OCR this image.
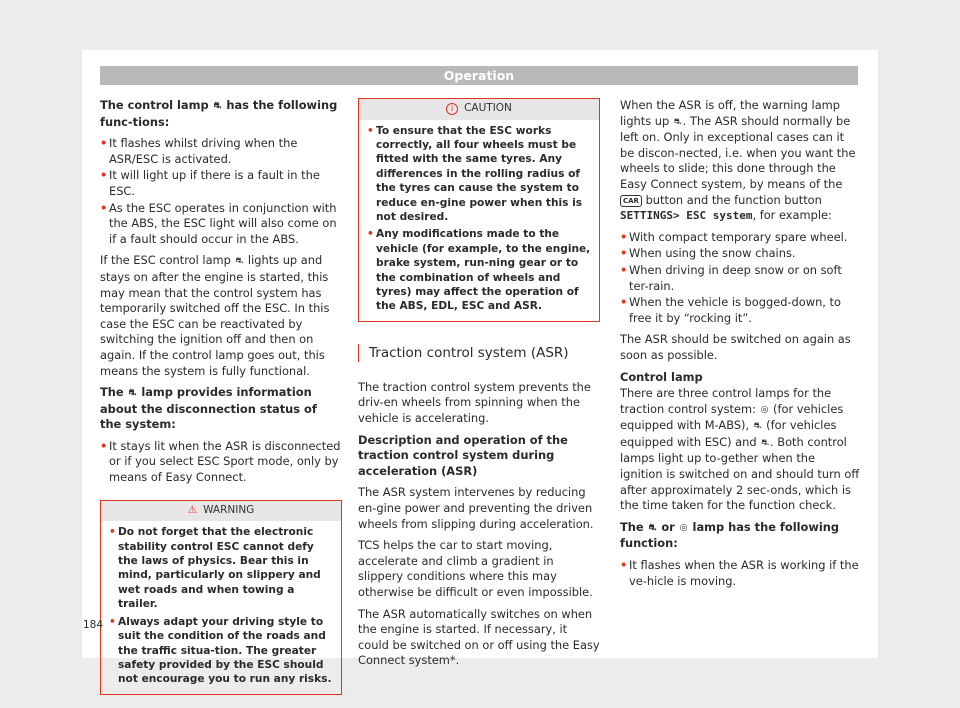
Operation

The control lamp ⛐ has the following func-tions:

• It flashes whilst driving when the ASR/ESC is activated.
• It will light up if there is a fault in the ESC.
• As the ESC operates in conjunction with the ABS, the ESC light will also come on if a fault should occur in the ABS.

If the ESC control lamp ⛐ lights up and stays on after the engine is started, this may mean that the control system has temporarily switched off the ESC. In this case the ESC can be reactivated by switching the ignition off and then on again. If the control lamp goes out, this means the system is fully functional.

The ⛐ lamp provides information about the disconnection status of the system:

• It stays lit when the ASR is disconnected or if you select ESC Sport mode, only by means of Easy Connect.
⚠ WARNING
• Do not forget that the electronic stability control ESC cannot defy the laws of physics. Bear this in mind, particularly on slippery and wet roads and when towing a trailer.
• Always adapt your driving style to suit the condition of the roads and the traffic situa-tion. The greater safety provided by the ESC should not encourage you to run any risks.
i CAUTION
• To ensure that the ESC works correctly, all four wheels must be fitted with the same tyres. Any differences in the rolling radius of the tyres can cause the system to reduce en-gine power when this is not desired.
• Any modifications made to the vehicle (for example, to the engine, brake system, run-ning gear or to the combination of wheels and tyres) may affect the operation of the ABS, EDL, ESC and ASR.
Traction control system (ASR)

The traction control system prevents the driv-en wheels from spinning when the vehicle is accelerating.

Description and operation of the traction control system during acceleration (ASR)

The ASR system intervenes by reducing en-gine power and preventing the driven wheels from slipping during acceleration.

TCS helps the car to start moving, accelerate and climb a gradient in slippery conditions where this may otherwise be difficult or even impossible.

The ASR automatically switches on when the engine is started. If necessary, it could be switched on or off using the Easy Connect system*.

When the ASR is off, the warning lamp lights up ⛐. The ASR should normally be left on. Only in exceptional cases can it be discon-nected, i.e. when you want the wheels to slide; this done through the Easy Connect system, by means of the CAR button and the function button SETTINGS> ESC system, for example:

• With compact temporary spare wheel.
• When using the snow chains.
• When driving in deep snow or on soft ter-rain.
• When the vehicle is bogged-down, to free it by “rocking it”.

The ASR should be switched on again as soon as possible.

Control lamp

There are three control lamps for the traction control system: ◎ (for vehicles equipped with M-ABS), ⛐ (for vehicles equipped with ESC) and ⛐. Both control lamps light up to-gether when the ignition is switched on and should turn off after approximately 2 sec-onds, which is the time taken for the function check.

The ⛐ or ◎ lamp has the following function:

• It flashes when the ASR is working if the ve-hicle is moving.
184
